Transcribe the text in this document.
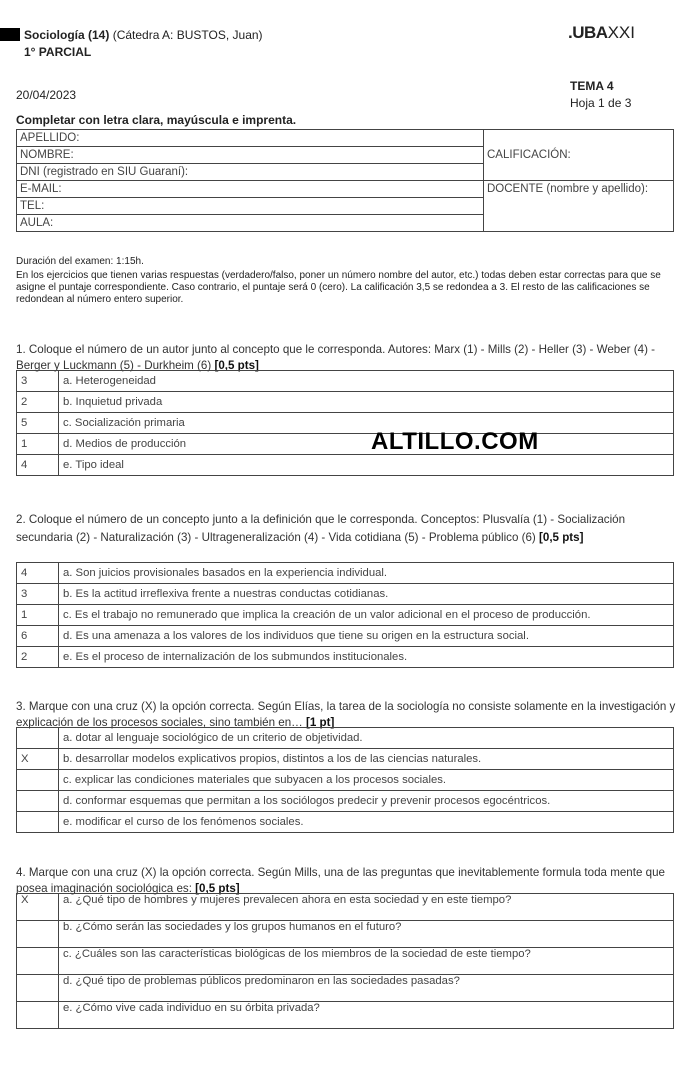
Sociología (14) (Cátedra A: BUSTOS, Juan)
1° PARCIAL
.UBAXXI
20/04/2023
TEMA 4
Hoja 1 de 3
Completar con letra clara, mayúscula e imprenta.
APELLIDO:	CALIFICACIÓN:
NOMBRE:	
DNI (registrado en SIU Guaraní):	
E-MAIL:	DOCENTE (nombre y apellido):
TEL:	
AULA:	

Duración del examen: 1:15h.

En los ejercicios que tienen varias respuestas (verdadero/falso, poner un número nombre del autor, etc.) todas deben estar correctas para que se asigne el puntaje correspondiente. Caso contrario, el puntaje será 0 (cero). La calificación 3,5 se redondea a 3. El resto de las calificaciones se redondean al número entero superior.

1. Coloque el número de un autor junto al concepto que le corresponda. Autores: Marx (1) - Mills (2) - Heller (3) - Weber (4) - Berger y Luckmann (5) - Durkheim (6) [0,5 pts]
3	a. Heterogeneidad
2	b. Inquietud privada
5	c. Socialización primaria
1	d. Medios de producción
4	e. Tipo ideal
ALTILLO.COM
2. Coloque el número de un concepto junto a la definición que le corresponda. Conceptos: Plusvalía (1) - Socialización secundaria (2) - Naturalización (3) - Ultrageneralización (4) - Vida cotidiana (5) - Problema público (6) [0,5 pts]
4	a. Son juicios provisionales basados en la experiencia individual.
3	b. Es la actitud irreflexiva frente a nuestras conductas cotidianas.
1	c. Es el trabajo no remunerado que implica la creación de un valor adicional en el proceso de producción.
6	d. Es una amenaza a los valores de los individuos que tiene su origen en la estructura social.
2	e. Es el proceso de internalización de los submundos institucionales.
3. Marque con una cruz (X) la opción correcta. Según Elías, la tarea de la sociología no consiste solamente en la investigación y explicación de los procesos sociales, sino también en… [1 pt]
	a. dotar al lenguaje sociológico de un criterio de objetividad.
X	b. desarrollar modelos explicativos propios, distintos a los de las ciencias naturales.
	c. explicar las condiciones materiales que subyacen a los procesos sociales.
	d. conformar esquemas que permitan a los sociólogos predecir y prevenir procesos egocéntricos.
	e. modificar el curso de los fenómenos sociales.
4. Marque con una cruz (X) la opción correcta. Según Mills, una de las preguntas que inevitablemente formula toda mente que posea imaginación sociológica es: [0,5 pts]
X	a. ¿Qué tipo de hombres y mujeres prevalecen ahora en esta sociedad y en este tiempo?
	b. ¿Cómo serán las sociedades y los grupos humanos en el futuro?
	c. ¿Cuáles son las características biológicas de los miembros de la sociedad de este tiempo?
	d. ¿Qué tipo de problemas públicos predominaron en las sociedades pasadas?
	e. ¿Cómo vive cada individuo en su órbita privada?
